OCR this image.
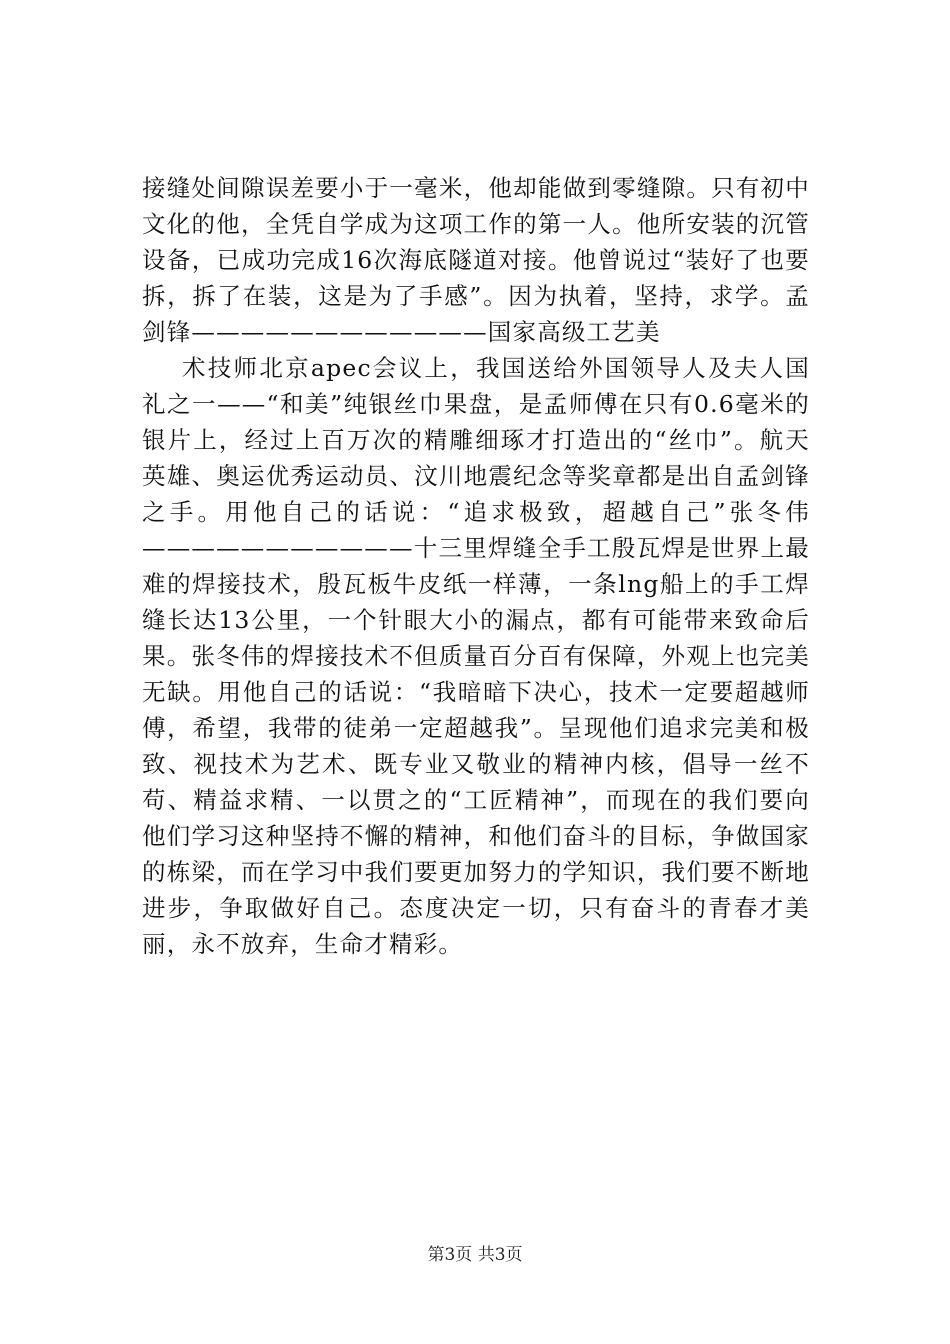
接缝处间隙误差要小于一毫米，他却能做到零缝隙。只有初中文化的他，全凭自学成为这项工作的第一人。他所安装的沉管设备，已成功完成16次海底隧道对接。他曾说过“装好了也要拆，拆了在装，这是为了手感”。因为执着，坚持，求学。孟剑锋————————————国家高级工艺美

术技师北京apec会议上，我国送给外国领导人及夫人国礼之一——“和美”纯银丝巾果盘，是孟师傅在只有0.6毫米的银片上，经过上百万次的精雕细琢才打造出的“丝巾”。航天英雄、奥运优秀运动员、汶川地震纪念等奖章都是出自孟剑锋之手。用他自己的话说：“追求极致，超越自己”张冬伟———————————十三里焊缝全手工殷瓦焊是世界上最难的焊接技术，殷瓦板牛皮纸一样薄，一条lng船上的手工焊缝长达13公里，一个针眼大小的漏点，都有可能带来致命后果。张冬伟的焊接技术不但质量百分百有保障，外观上也完美无缺。用他自己的话说：“我暗暗下决心，技术一定要超越师傅，希望，我带的徒弟一定超越我”。呈现他们追求完美和极致、视技术为艺术、既专业又敬业的精神内核，倡导一丝不苟、精益求精、一以贯之的“工匠精神”，而现在的我们要向他们学习这种坚持不懈的精神，和他们奋斗的目标，争做国家的栋梁，而在学习中我们要更加努力的学知识，我们要不断地进步，争取做好自己。态度决定一切，只有奋斗的青春才美丽，永不放弃，生命才精彩。

第3页 共3页
